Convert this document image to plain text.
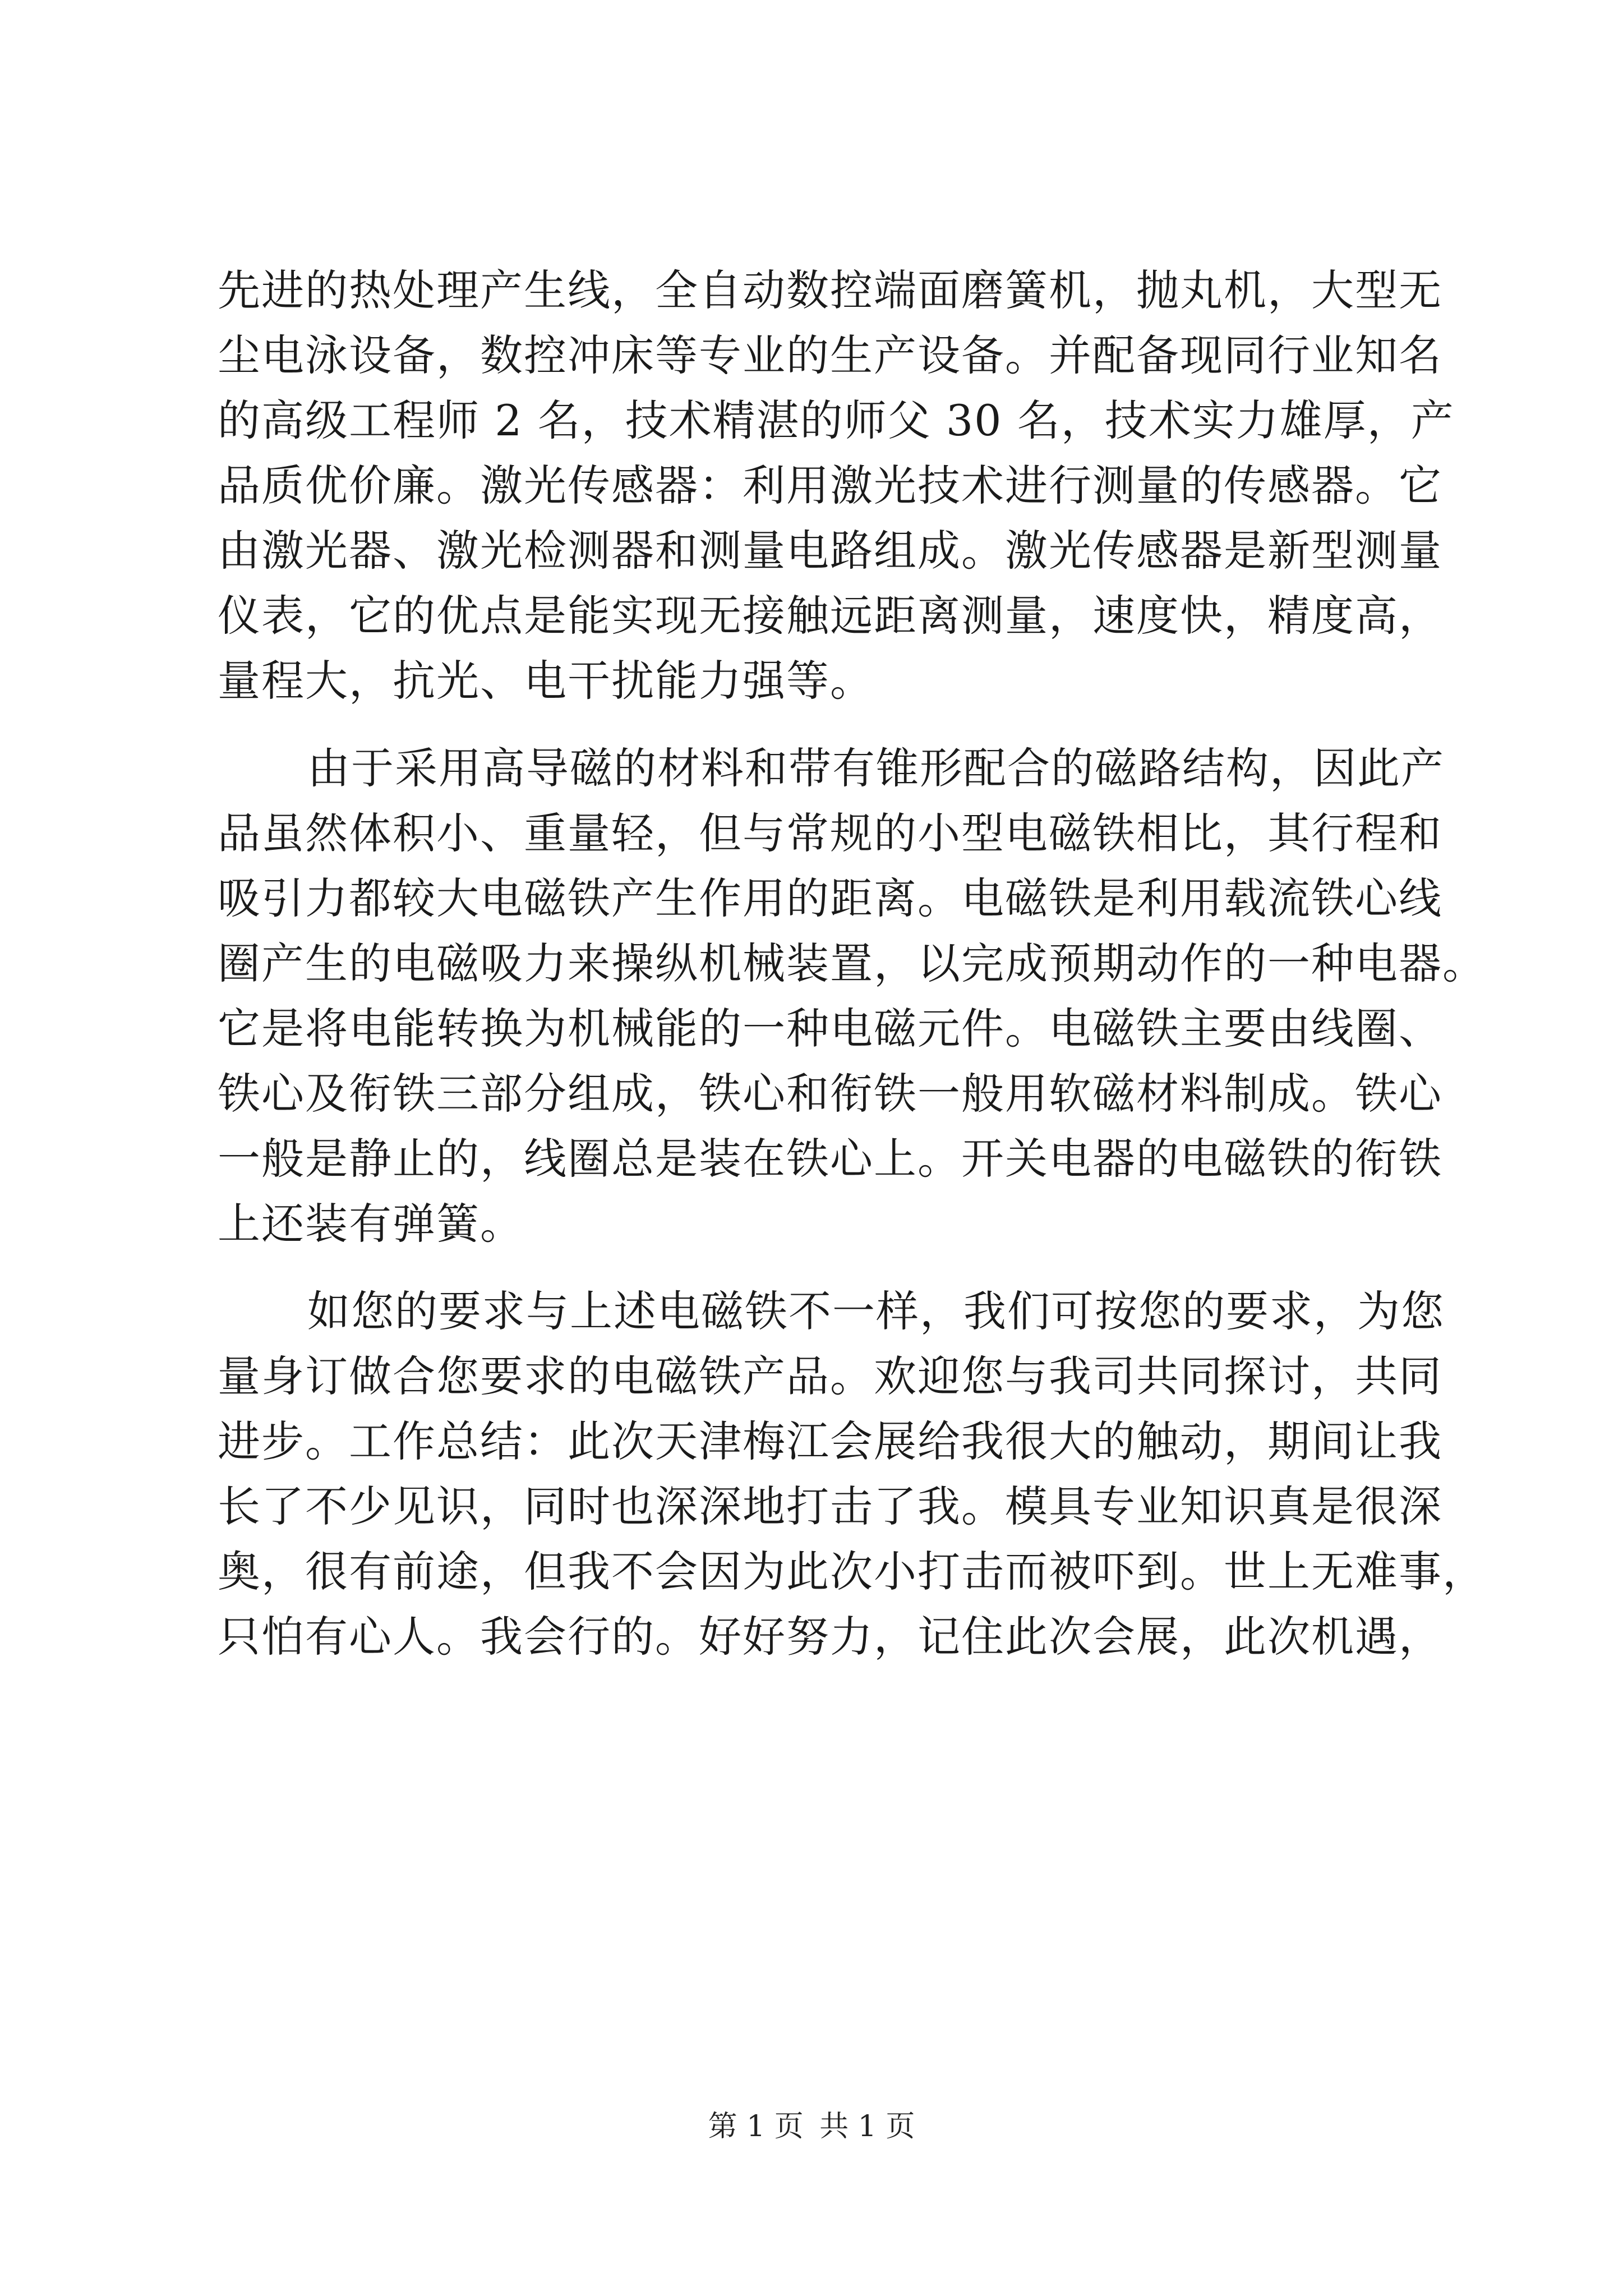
先进的热处理产生线，全自动数控端面磨簧机，抛丸机，大型无
尘电泳设备，数控冲床等专业的生产设备。并配备现同行业知名
的高级工程师 2 名，技术精湛的师父 30 名，技术实力雄厚，产
品质优价廉。激光传感器：利用激光技术进行测量的传感器。它
由激光器、激光检测器和测量电路组成。激光传感器是新型测量
仪表，它的优点是能实现无接触远距离测量，速度快，精度高，
量程大，抗光、电干扰能力强等。
由于采用高导磁的材料和带有锥形配合的磁路结构，因此产
品虽然体积小、重量轻，但与常规的小型电磁铁相比，其行程和
吸引力都较大电磁铁产生作用的距离。电磁铁是利用载流铁心线
圈产生的电磁吸力来操纵机械装置，以完成预期动作的一种电器。
它是将电能转换为机械能的一种电磁元件。电磁铁主要由线圈、
铁心及衔铁三部分组成，铁心和衔铁一般用软磁材料制成。铁心
一般是静止的，线圈总是装在铁心上。开关电器的电磁铁的衔铁
上还装有弹簧。
如您的要求与上述电磁铁不一样，我们可按您的要求，为您
量身订做合您要求的电磁铁产品。欢迎您与我司共同探讨，共同
进步。工作总结：此次天津梅江会展给我很大的触动，期间让我
长了不少见识，同时也深深地打击了我。模具专业知识真是很深
奥，很有前途，但我不会因为此次小打击而被吓到。世上无难事，
只怕有心人。我会行的。好好努力，记住此次会展，此次机遇，
第 1 页 共 1 页
